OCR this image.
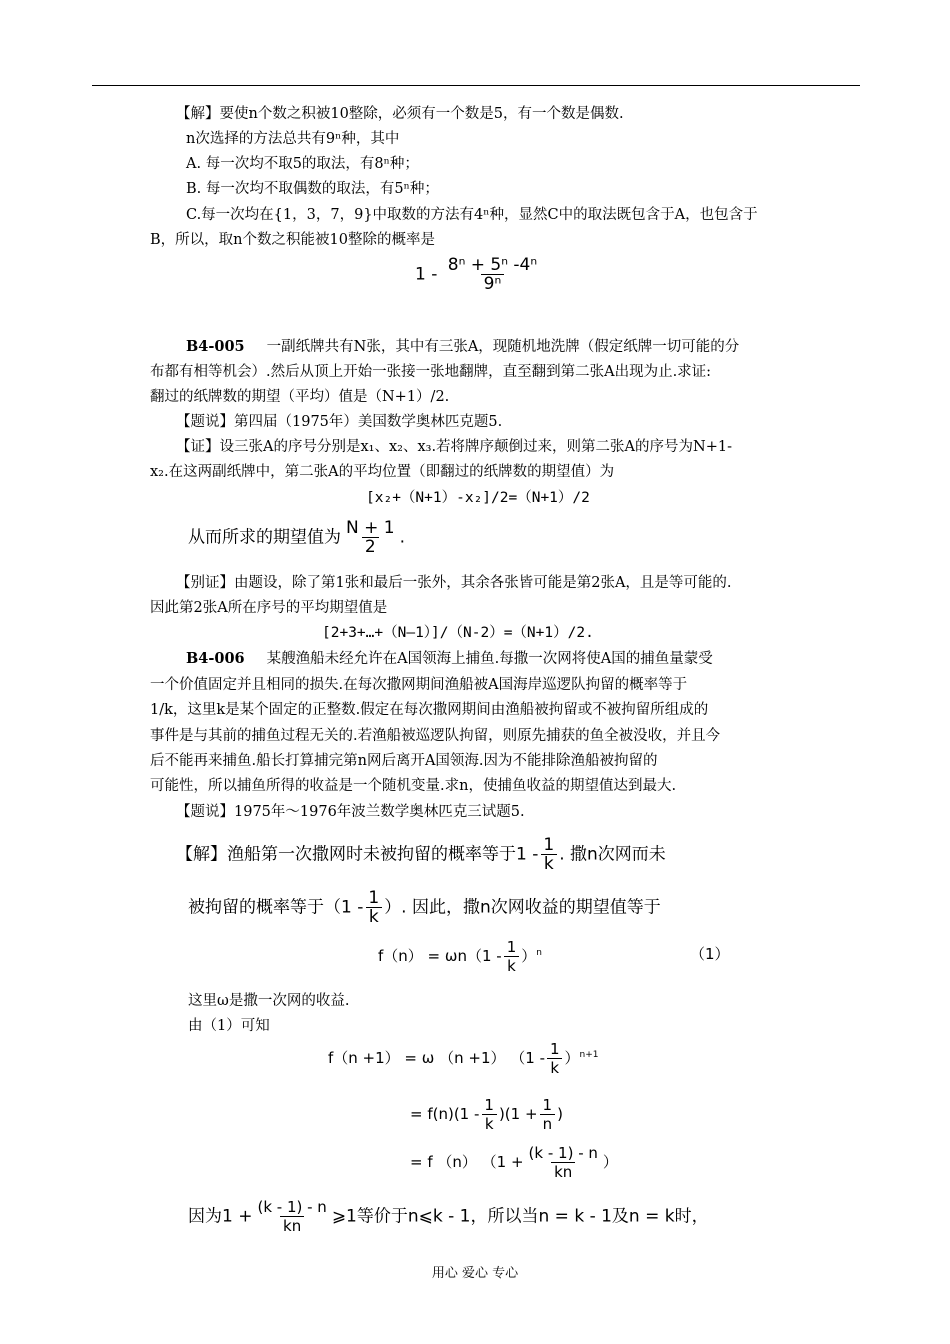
【解】要使n个数之积被10整除，必须有一个数是5，有一个数是偶数.
n次选择的方法总共有9ⁿ种，其中
A. 每一次均不取5的取法，有8ⁿ种；
B. 每一次均不取偶数的取法，有5ⁿ种；
C.每一次均在{1，3，7，9}中取数的方法有4ⁿ种，显然C中的取法既包含于A，也包含于
B，所以，取n个数之积能被10整除的概率是
$1 - \frac{\text{8ⁿ + 5ⁿ -4ⁿ}}{\text{9ⁿ}}$
B4-005 一副纸牌共有N张，其中有三张A，现随机地洗牌（假定纸牌一切可能的分
布都有相等机会）.然后从顶上开始一张接一张地翻牌，直至翻到第二张A出现为止.求证:
翻过的纸牌数的期望（平均）值是（N+1）/2.
【题说】第四届（1975年）美国数学奥林匹克题5.
【证】设三张A的序号分别是x₁、x₂、x₃.若将牌序颠倒过来，则第二张A的序号为N+1-
x₂.在这两副纸牌中，第二张A的平均位置（即翻过的纸牌数的期望值）为
[x₂+（N+1）-x₂]/2=（N+1）/2
从而所求的期望值为 $\frac{N + 1}{2}$ .
【别证】由题设，除了第1张和最后一张外，其余各张皆可能是第2张A，且是等可能的.
因此第2张A所在序号的平均期望值是
[2+3+…+（N—1）]/（N-2）=（N+1）/2.
B4-006 某艘渔船未经允许在A国领海上捕鱼.每撒一次网将使A国的捕鱼量蒙受
一个价值固定并且相同的损失.在每次撒网期间渔船被A国海岸巡逻队拘留的概率等于
1/k，这里k是某个固定的正整数.假定在每次撒网期间由渔船被拘留或不被拘留所组成的
事件是与其前的捕鱼过程无关的.若渔船被巡逻队拘留，则原先捕获的鱼全被没收，并且今
后不能再来捕鱼.船长打算捕完第n网后离开A国领海.因为不能排除渔船被拘留的
可能性，所以捕鱼所得的收益是一个随机变量.求n，使捕鱼收益的期望值达到最大.
【题说】1975年～1976年波兰数学奥林匹克三试题5.
【解】渔船第一次撒网时未被拘留的概率等于$1 - \frac{1}{k}$ . 撒n次网而未
被拘留的概率等于（$1 - \frac{1}{k}$ ）. 因此，撒n次网收益的期望值等于
$f(n) = \omega n(1 - \frac{1}{k} )^n$	（1）
这里ω是撒一次网的收益.
由（1）可知
f（n +1） = ω （n +1） $(1 - \frac{1}{k} )^{n+1}$
= $f(n)(1 - \frac{1}{k} )(1 + \frac{1}{n}$ )
= f （n） （$1 + \frac{(k - 1) - n}{kn}$ ）
因为$1 + \frac{(k - 1) - n}{kn}$ ⩾1等价于n⩽k - 1，所以当n = k - 1及n = k时，
用心 爱心 专心
